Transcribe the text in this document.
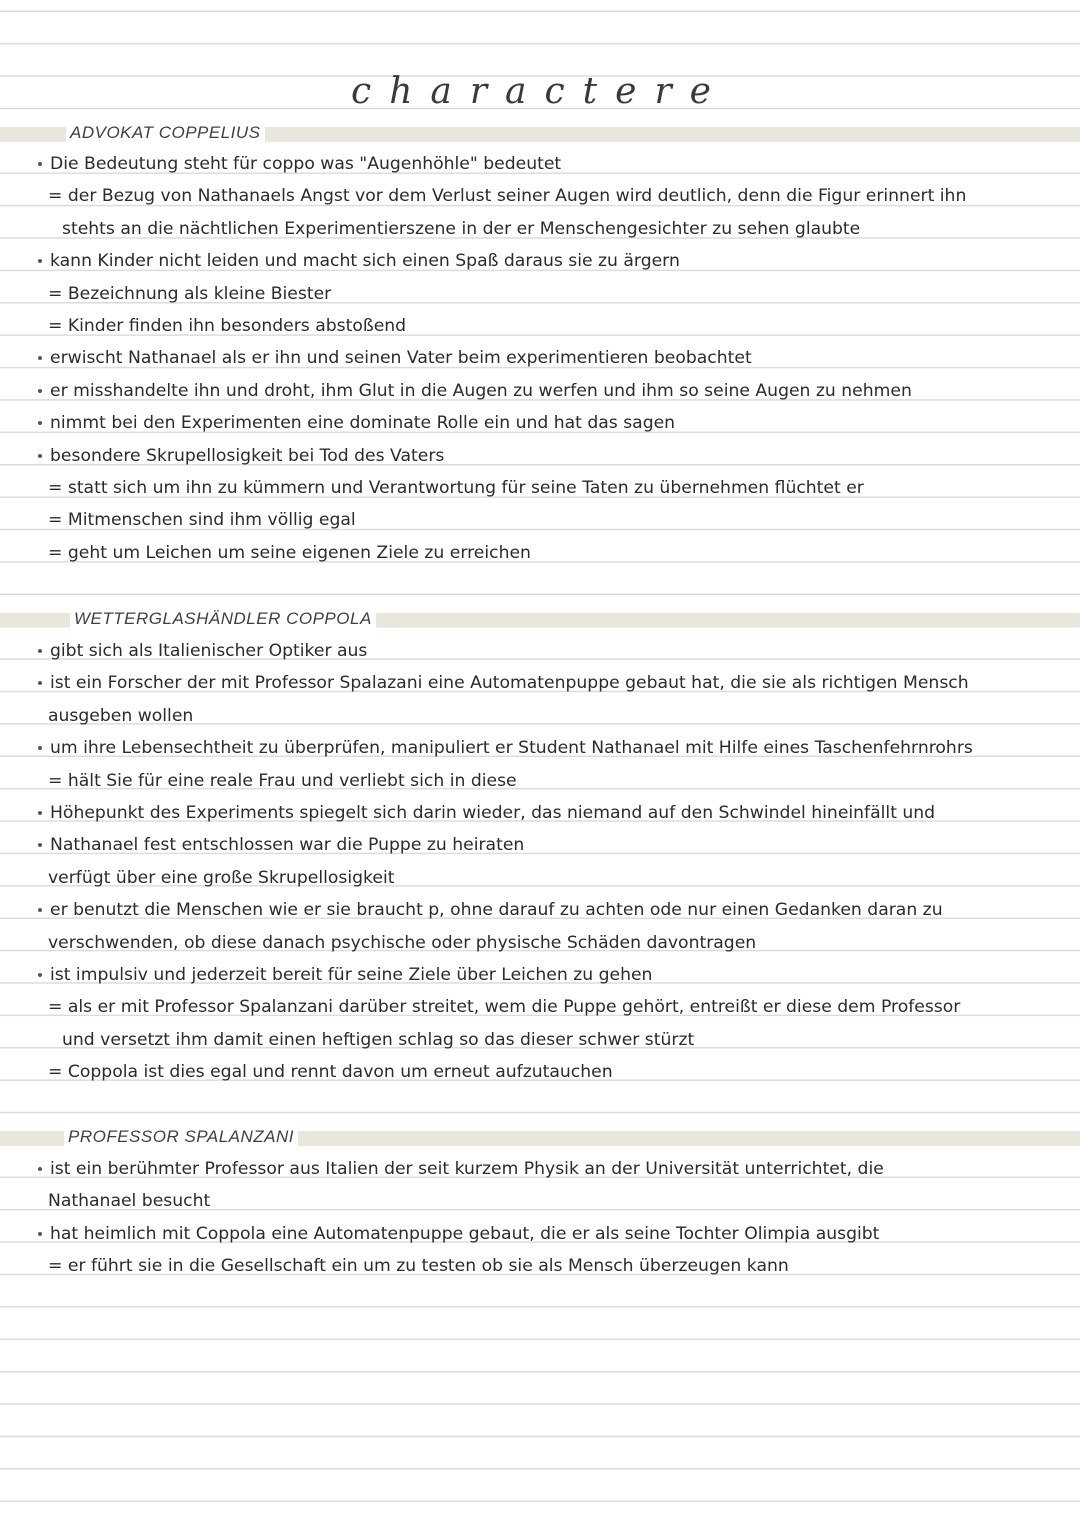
charactere
ADVOKAT COPPELIUS
Die Bedeutung steht für coppo was "Augenhöhle" bedeutet
= der Bezug von Nathanaels Angst vor dem Verlust seiner Augen wird deutlich, denn die Figur erinnert ihn
stehts an die nächtlichen Experimentierszene in der er Menschengesichter zu sehen glaubte
kann Kinder nicht leiden und macht sich einen Spaß daraus sie zu ärgern
= Bezeichnung als kleine Biester
= Kinder finden ihn besonders abstoßend
erwischt Nathanael als er ihn und seinen Vater beim experimentieren beobachtet
er misshandelte ihn und droht, ihm Glut in die Augen zu werfen und ihm so seine Augen zu nehmen
nimmt bei den Experimenten eine dominate Rolle ein und hat das sagen
besondere Skrupellosigkeit bei Tod des Vaters
= statt sich um ihn zu kümmern und Verantwortung für seine Taten zu übernehmen flüchtet er
= Mitmenschen sind ihm völlig egal
= geht um Leichen um seine eigenen Ziele zu erreichen
WETTERGLASHÄNDLER COPPOLA
gibt sich als Italienischer Optiker aus
ist ein Forscher der mit Professor Spalazani eine Automatenpuppe gebaut hat, die sie als richtigen Mensch
ausgeben wollen
um ihre Lebensechtheit zu überprüfen, manipuliert er Student Nathanael mit Hilfe eines Taschenfehrnrohrs
= hält Sie für eine reale Frau und verliebt sich in diese
Höhepunkt des Experiments spiegelt sich darin wieder, das niemand auf den Schwindel hineinfällt und
Nathanael fest entschlossen war die Puppe zu heiraten
verfügt über eine große Skrupellosigkeit
er benutzt die Menschen wie er sie braucht p, ohne darauf zu achten ode nur einen Gedanken daran zu
verschwenden, ob diese danach psychische oder physische Schäden davontragen
ist impulsiv und jederzeit bereit für seine Ziele über Leichen zu gehen
= als er mit Professor Spalanzani darüber streitet, wem die Puppe gehört, entreißt er diese dem Professor
und versetzt ihm damit einen heftigen schlag so das dieser schwer stürzt
= Coppola ist dies egal und rennt davon um erneut aufzutauchen
PROFESSOR SPALANZANI
ist ein berühmter Professor aus Italien der seit kurzem Physik an der Universität unterrichtet, die
Nathanael besucht
hat heimlich mit Coppola eine Automatenpuppe gebaut, die er als seine Tochter Olimpia ausgibt
= er führt sie in die Gesellschaft ein um zu testen ob sie als Mensch überzeugen kann
